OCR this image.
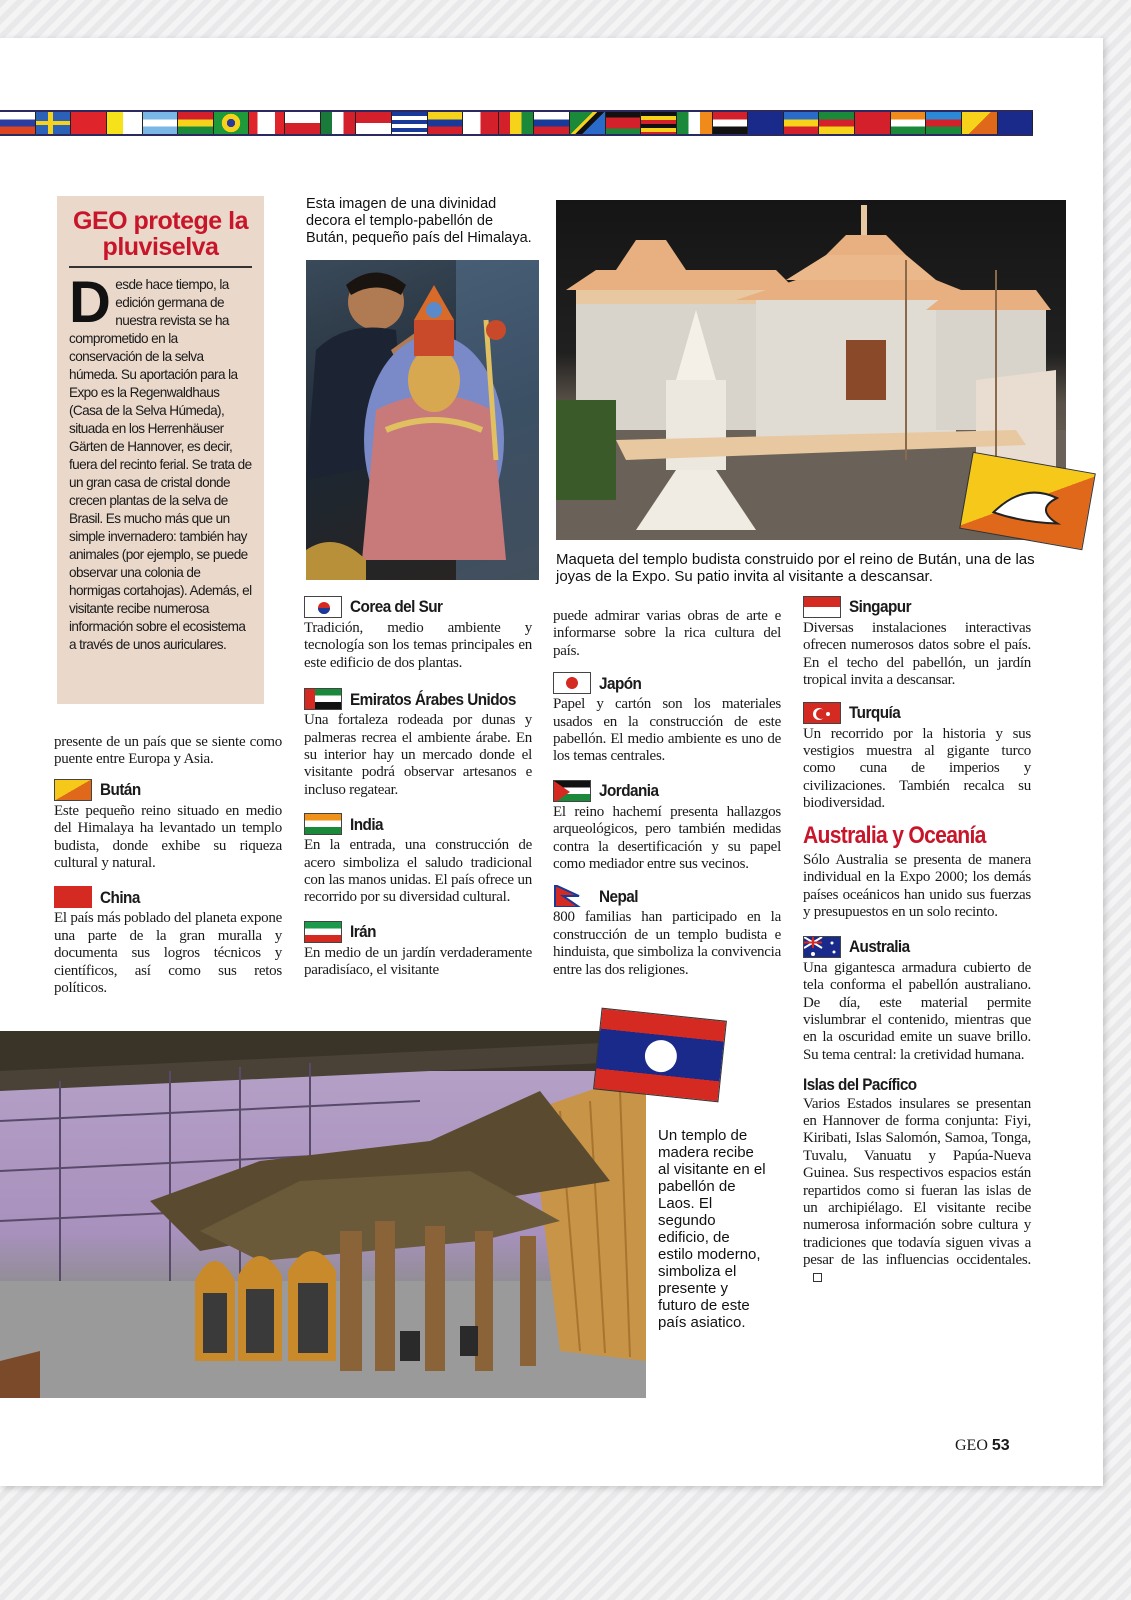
GEO protege la pluviselva

Desde hace tiempo, la edición germana de nuestra revista se ha comprometido en la conservación de la selva húmeda. Su aportación para la Expo es la Regenwaldhaus (Casa de la Selva Húmeda), situada en los Herrenhäuser Gärten de Hannover, es decir, fuera del recinto ferial. Se trata de un gran casa de cristal donde crecen plantas de la selva de Brasil. Es mucho más que un simple invernadero: también hay animales (por ejemplo, se puede observar una colonia de hormigas cortahojas). Además, el visitante recibe numerosa información sobre el ecosistema a través de unos auriculares.

Esta imagen de una divinidad decora el templo-pabellón de Bután, pequeño país del Himalaya.
Maqueta del templo budista construido por el reino de Bután, una de las joyas de la Expo. Su patio invita al visitante a descansar.

presente de un país que se siente como puente entre Europa y Asia.

Bután

Este pequeño reino situado en medio del Himalaya ha levantado un templo budista, donde exhibe su riqueza cultural y natural.

China

El país más poblado del planeta expone una parte de la gran muralla y documenta sus logros técnicos y científicos, así como sus retos políticos.

Corea del Sur

Tradición, medio ambiente y tecnología son los temas principales en este edificio de dos plantas.

Emiratos Árabes Unidos

Una fortaleza rodeada por dunas y palmeras recrea el ambiente árabe. En su interior hay un mercado donde el visitante podrá observar artesanos e incluso regatear.

India

En la entrada, una construcción de acero simboliza el saludo tradicional con las manos unidas. El país ofrece un recorrido por su diversidad cultural.

Irán

En medio de un jardín verdaderamente paradisíaco, el visitante

puede admirar varias obras de arte e informarse sobre la rica cultura del país.

Japón

Papel y cartón son los materiales usados en la construcción de este pabellón. El medio ambiente es uno de los temas centrales.

Jordania

El reino hachemí presenta hallazgos arqueológicos, pero también medidas contra la desertificación y su papel como mediador entre sus vecinos.

Nepal

800 familias han participado en la construcción de un templo budista e hinduista, que simboliza la convivencia entre las dos religiones.

Singapur

Diversas instalaciones interactivas ofrecen numerosos datos sobre el país. En el techo del pabellón, un jardín tropical invita a descansar.

Turquía

Un recorrido por la historia y sus vestigios muestra al gigante turco como cuna de imperios y civilizaciones. También recalca su biodiversidad.

Australia y Oceanía

Sólo Australia se presenta de manera individual en la Expo 2000; los demás países oceánicos han unido sus fuerzas y presupuestos en un solo recinto.

Australia

Una gigantesca armadura cubierto de tela conforma el pabellón australiano. De día, este material permite vislumbrar el contenido, mientras que en la oscuridad emite un suave brillo. Su tema central: la cretividad humana.

Islas del Pacífico

Varios Estados insulares se presentan en Hannover de forma conjunta: Fiyi, Kiribati, Islas Salomón, Samoa, Tonga, Tuvalu, Vanuatu y Papúa-Nueva Guinea. Sus respectivos espacios están repartidos como si fueran las islas de un archipiélago. El visitante recibe numerosa información sobre cultura y tradiciones que todavía siguen vivas a pesar de las influencias occidentales.

Un templo de madera recibe al visitante en el pabellón de Laos. El segundo edificio, de estilo moderno, simboliza el presente y futuro de este país asiatico.
GEO 53
